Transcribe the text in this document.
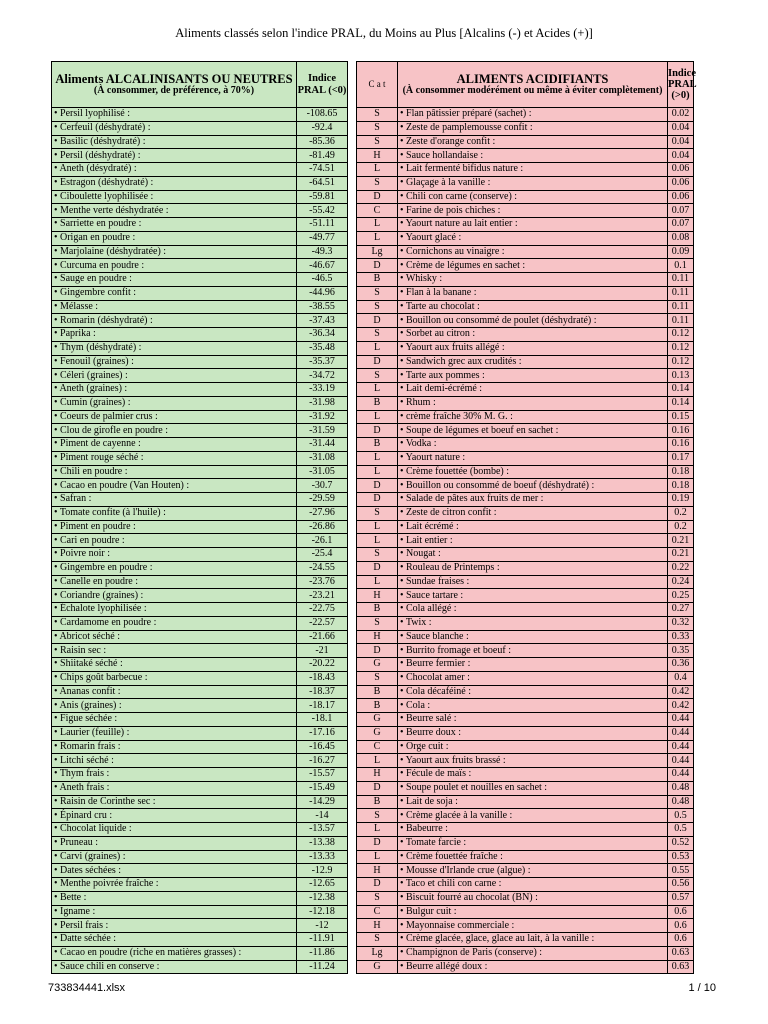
Aliments classés selon l'indice PRAL, du Moins au Plus [Alcalins (-) et Acides (+)]
Aliments ALCALINISANTS OU NEUTRES
(À consommer, de préférence, à 70%)	Indice PRAL (<0)
• Persil lyophilisé :	-108.65
• Cerfeuil (déshydraté) :	-92.4
• Basilic (déshydraté) :	-85.36
• Persil (déshydraté) :	-81.49
• Aneth (désydraté) :	-74.51
• Estragon (déshydraté) :	-64.51
• Ciboulette lyophilisée :	-59.81
• Menthe verte déshydratée :	-55.42
• Sarriette en poudre :	-51.11
• Origan en poudre :	-49.77
• Marjolaine (déshydratée) :	-49.3
• Curcuma en poudre :	-46.67
• Sauge en poudre :	-46.5
• Gingembre confit :	-44.96
• Mélasse :	-38.55
• Romarin (déshydraté) :	-37.43
• Paprika :	-36.34
• Thym (déshydraté) :	-35.48
• Fenouil (graines) :	-35.37
• Céleri (graines) :	-34.72
• Aneth (graines) :	-33.19
• Cumin (graines) :	-31.98
• Coeurs de palmier crus :	-31.92
• Clou de girofle en poudre :	-31.59
• Piment de cayenne :	-31.44
• Piment rouge séché :	-31.08
• Chili en poudre :	-31.05
• Cacao en poudre (Van Houten) :	-30.7
• Safran :	-29.59
• Tomate confite (à l'huile) :	-27.96
• Piment en poudre :	-26.86
• Cari en poudre :	-26.1
• Poivre noir :	-25.4
• Gingembre en poudre :	-24.55
• Canelle en poudre :	-23.76
• Coriandre (graines) :	-23.21
• Échalote lyophilisée :	-22.75
• Cardamome en poudre :	-22.57
• Abricot séché :	-21.66
• Raisin sec :	-21
• Shiitaké séché :	-20.22
• Chips goût barbecue :	-18.43
• Ananas confit :	-18.37
• Anis (graines) :	-18.17
• Figue séchée :	-18.1
• Laurier (feuille) :	-17.16
• Romarin frais :	-16.45
• Litchi séché :	-16.27
• Thym frais :	-15.57
• Aneth frais :	-15.49
• Raisin de Corinthe sec :	-14.29
• Épinard cru :	-14
• Chocolat liquide :	-13.57
• Pruneau :	-13.38
• Carvi (graines) :	-13.33
• Dates séchées :	-12.9
• Menthe poivrée fraîche :	-12.65
• Bette :	-12.38
• Igname :	-12.18
• Persil frais :	-12
• Datte séchée :	-11.91
• Cacao en poudre (riche en matières grasses) :	-11.86
• Sauce chili en conserve :	-11.24
C a t	ALIMENTS ACIDIFIANTS
(À consommer modérément ou même à éviter complètement)	Indice PRAL (>0)
S	• Flan pâtissier préparé (sachet) :	0.02
S	• Zeste de pamplemousse confit :	0.04
S	• Zeste d'orange confit :	0.04
H	• Sauce hollandaise :	0.04
L	• Lait fermenté bifidus nature :	0.06
S	• Glaçage à la vanille :	0.06
D	• Chili con carne (conserve) :	0.06
C	• Farine de pois chiches :	0.07
L	• Yaourt nature au lait entier :	0.07
L	• Yaourt glacé :	0.08
Lg	• Cornichons au vinaigre :	0.09
D	• Crème de légumes en sachet :	0.1
B	• Whisky :	0.11
S	• Flan à la banane :	0.11
S	• Tarte au chocolat :	0.11
D	• Bouillon ou consommé de poulet (déshydraté) :	0.11
S	• Sorbet au citron :	0.12
L	• Yaourt aux fruits allégé :	0.12
D	• Sandwich grec aux crudités :	0.12
S	• Tarte aux pommes :	0.13
L	• Lait demi-écrémé :	0.14
B	• Rhum :	0.14
L	• crème fraîche 30% M. G. :	0.15
D	• Soupe de légumes et boeuf en sachet :	0.16
B	• Vodka :	0.16
L	• Yaourt nature :	0.17
L	• Crème fouettée (bombe) :	0.18
D	• Bouillon ou consommé de boeuf (déshydraté) :	0.18
D	• Salade de pâtes aux fruits de mer :	0.19
S	• Zeste de citron confit :	0.2
L	• Lait écrémé :	0.2
L	• Lait entier :	0.21
S	• Nougat :	0.21
D	• Rouleau de Printemps :	0.22
L	• Sundae fraises :	0.24
H	• Sauce tartare :	0.25
B	• Cola allégé :	0.27
S	• Twix :	0.32
H	• Sauce blanche :	0.33
D	• Burrito fromage et boeuf :	0.35
G	• Beurre fermier :	0.36
S	• Chocolat amer :	0.4
B	• Cola décaféiné :	0.42
B	• Cola :	0.42
G	• Beurre salé :	0.44
G	• Beurre doux :	0.44
C	• Orge cuit :	0.44
L	• Yaourt aux fruits brassé :	0.44
H	• Fécule de maïs :	0.44
D	• Soupe poulet et nouilles en sachet :	0.48
B	• Lait de soja :	0.48
S	• Crème glacée à la vanille :	0.5
L	• Babeurre :	0.5
D	• Tomate farcie :	0.52
L	• Crème fouettée fraîche :	0.53
H	• Mousse d'Irlande crue (algue) :	0.55
D	• Taco et chili con carne :	0.56
S	• Biscuit fourré au chocolat (BN) :	0.57
C	• Bulgur cuit :	0.6
H	• Mayonnaise commerciale :	0.6
S	• Crème glacée, glace, glace au lait, à la vanille :	0.6
Lg	• Champignon de Paris (conserve) :	0.63
G	• Beurre allégé doux :	0.63
733834441.xlsx	1 / 10
